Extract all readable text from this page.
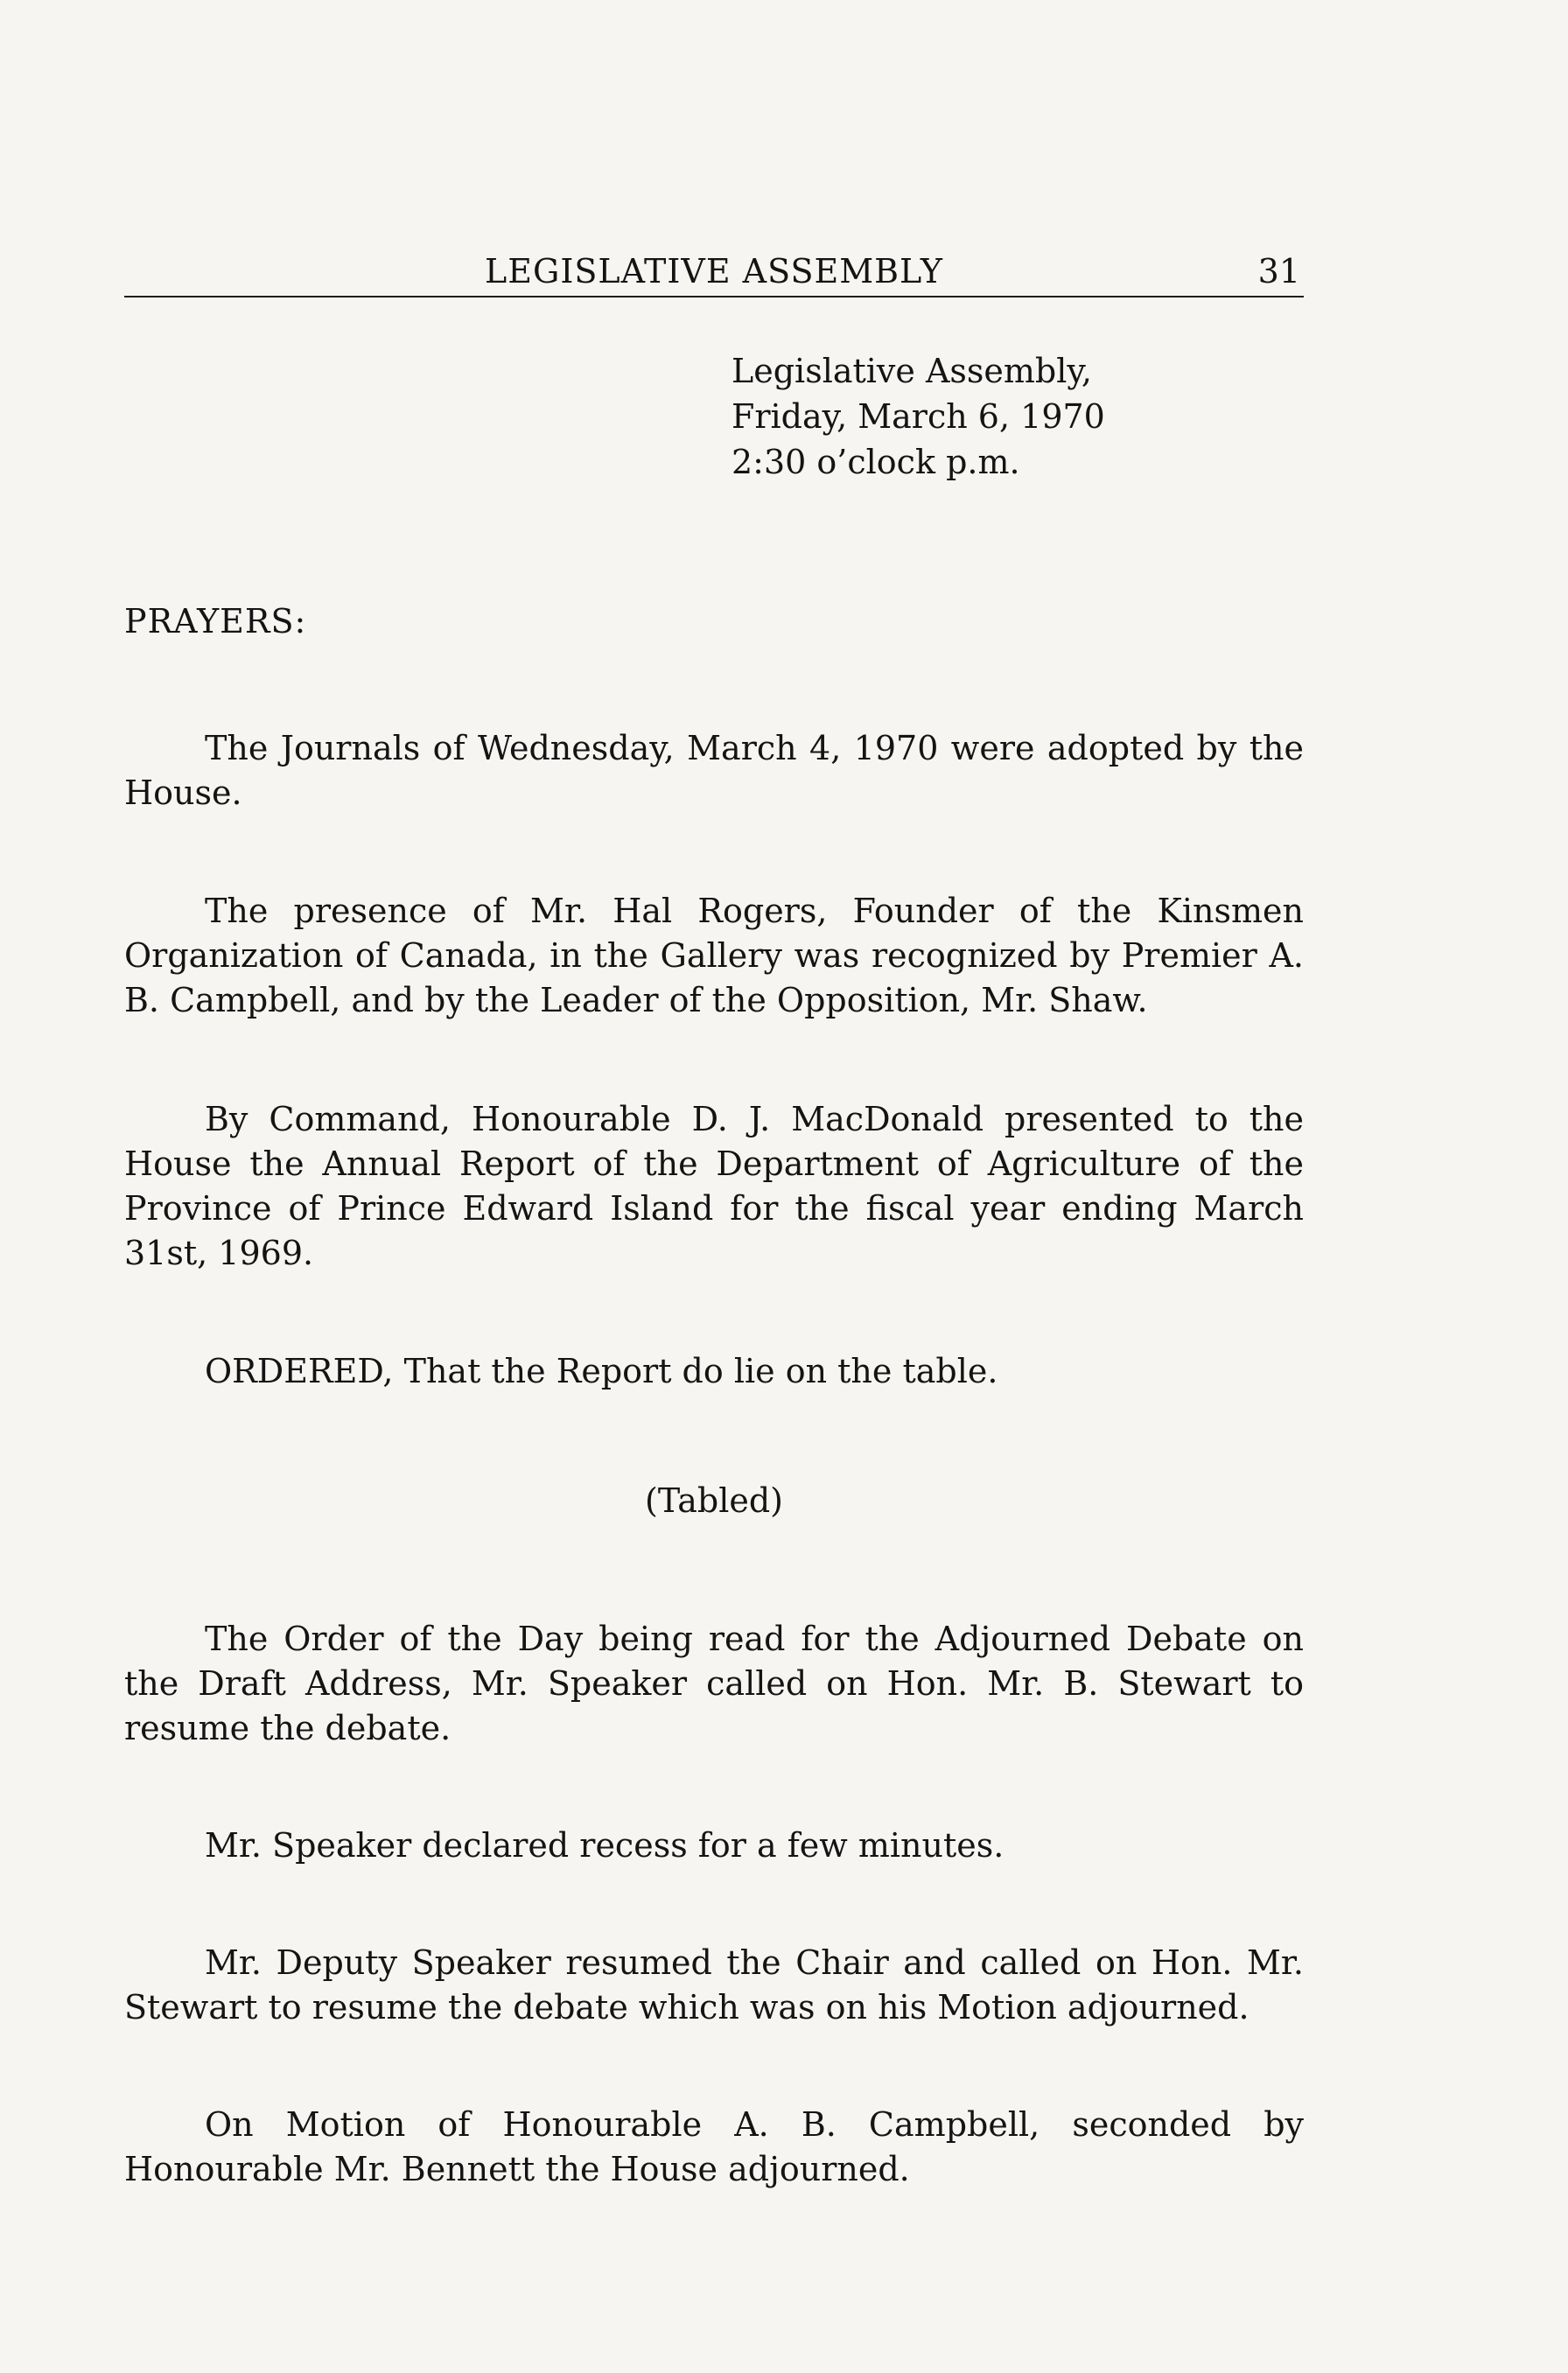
LEGISLATIVE ASSEMBLY	31
Legislative Assembly,
Friday, March 6, 1970
2:30 o’clock p.m.
PRAYERS:
The Journals of Wednesday, March 4, 1970 were adopted by the House.
The presence of Mr. Hal Rogers, Founder of the Kinsmen Organization of Canada, in the Gallery was recognized by Premier A. B. Campbell, and by the Leader of the Opposition, Mr. Shaw.
By Command, Honourable D. J. MacDonald presented to the House the Annual Report of the Department of Agriculture of the Province of Prince Edward Island for the fiscal year ending March 31st, 1969.
ORDERED, That the Report do lie on the table.
(Tabled)
The Order of the Day being read for the Adjourned Debate on the Draft Address, Mr. Speaker called on Hon. Mr. B. Stewart to resume the debate.
Mr. Speaker declared recess for a few minutes.
Mr. Deputy Speaker resumed the Chair and called on Hon. Mr. Stewart to resume the debate which was on his Motion adjourned.
On Motion of Honourable A. B. Campbell, seconded by Honourable Mr. Bennett the House adjourned.
